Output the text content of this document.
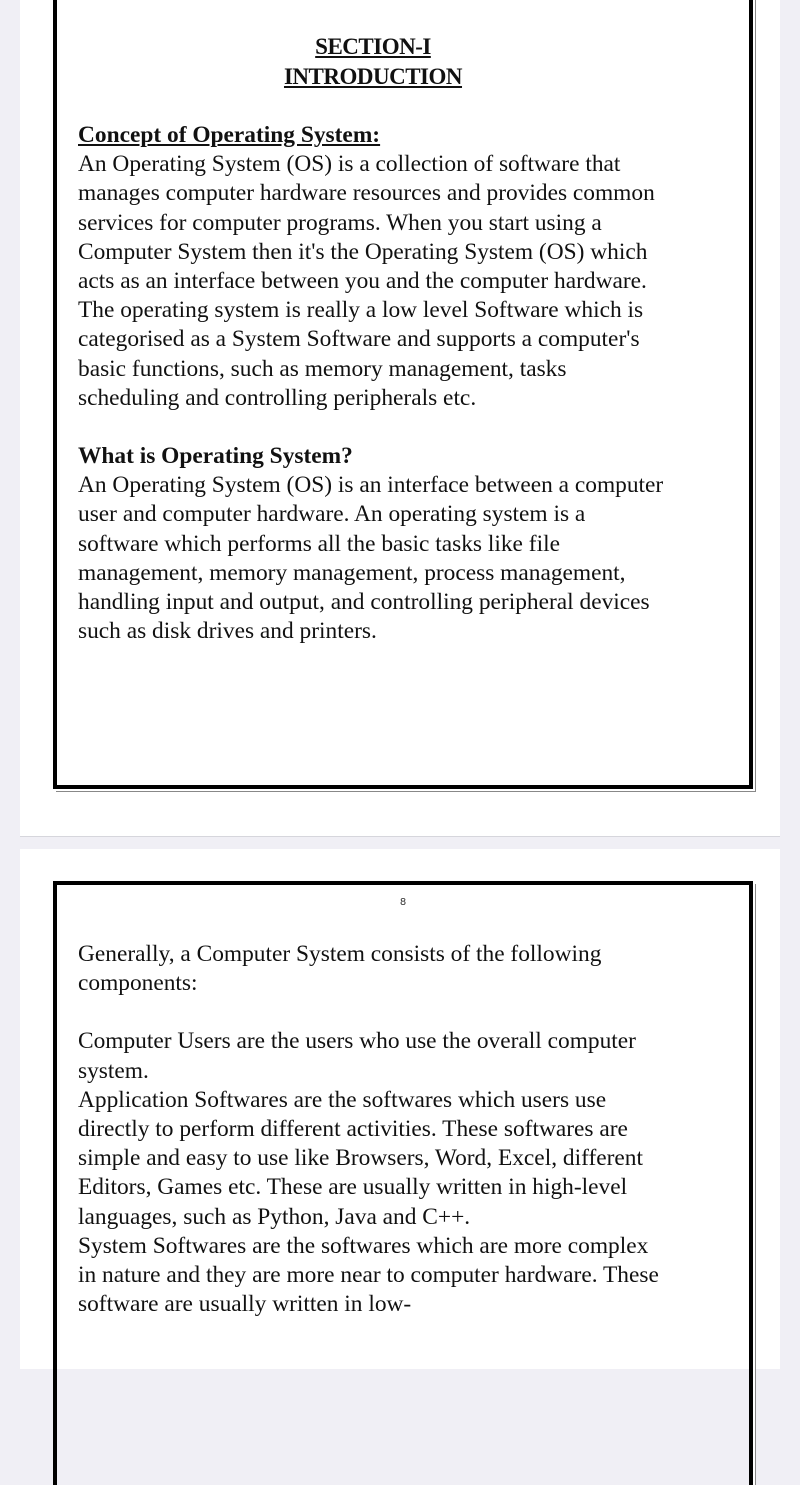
SECTION-I
INTRODUCTION
Concept of Operating System:

An Operating System (OS) is a collection of software that manages computer hardware resources and provides common services for computer programs. When you start using a Computer System then it's the Operating System (OS) which acts as an interface between you and the computer hardware. The operating system is really a low level Software which is categorised as a System Software and supports a computer's basic functions, such as memory management, tasks scheduling and controlling peripherals etc.

What is Operating System?

An Operating System (OS) is an interface between a computer user and computer hardware. An operating system is a software which performs all the basic tasks like file management, memory management, process management, handling input and output, and controlling peripheral devices such as disk drives and printers.

8

Generally, a Computer System consists of the following components:

Computer Users are the users who use the overall computer system.

Application Softwares are the softwares which users use directly to perform different activities. These softwares are simple and easy to use like Browsers, Word, Excel, different Editors, Games etc. These are usually written in high-level languages, such as Python, Java and C++.

System Softwares are the softwares which are more complex in nature and they are more near to computer hardware. These software are usually written in low-
